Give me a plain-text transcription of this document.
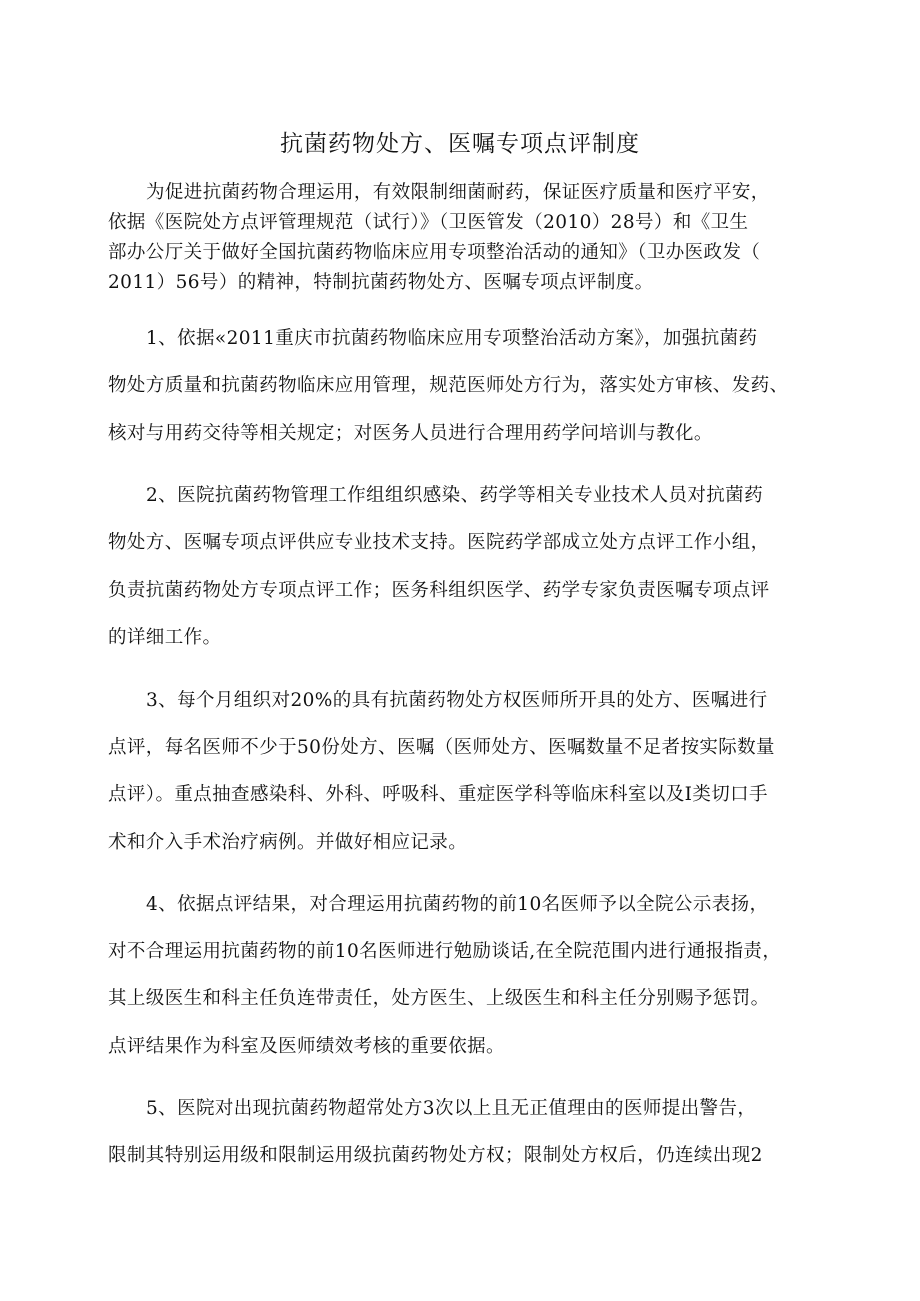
抗菌药物处方、医嘱专项点评制度
为促进抗菌药物合理运用，有效限制细菌耐药，保证医疗质量和医疗平安，
依据《医院处方点评管理规范（试行）》（卫医管发（2010）28号）和《卫生
部办公厅关于做好全国抗菌药物临床应用专项整治活动的通知》（卫办医政发（
2011）56号）的精神，特制抗菌药物处方、医嘱专项点评制度。
1、依据«2011重庆市抗菌药物临床应用专项整治活动方案》，加强抗菌药
物处方质量和抗菌药物临床应用管理，规范医师处方行为，落实处方审核、发药、
核对与用药交待等相关规定；对医务人员进行合理用药学问培训与教化。
2、医院抗菌药物管理工作组组织感染、药学等相关专业技术人员对抗菌药
物处方、医嘱专项点评供应专业技术支持。医院药学部成立处方点评工作小组，
负责抗菌药物处方专项点评工作；医务科组织医学、药学专家负责医嘱专项点评
的详细工作。
3、每个月组织对20%的具有抗菌药物处方权医师所开具的处方、医嘱进行
点评，每名医师不少于50份处方、医嘱（医师处方、医嘱数量不足者按实际数量
点评）。重点抽查感染科、外科、呼吸科、重症医学科等临床科室以及I类切口手
术和介入手术治疗病例。并做好相应记录。
4、依据点评结果，对合理运用抗菌药物的前10名医师予以全院公示表扬，
对不合理运用抗菌药物的前10名医师进行勉励谈话,在全院范围内进行通报指责，
其上级医生和科主任负连带责任，处方医生、上级医生和科主任分别赐予惩罚。
点评结果作为科室及医师绩效考核的重要依据。
5、医院对出现抗菌药物超常处方3次以上且无正值理由的医师提出警告，
限制其特别运用级和限制运用级抗菌药物处方权；限制处方权后，仍连续出现2
